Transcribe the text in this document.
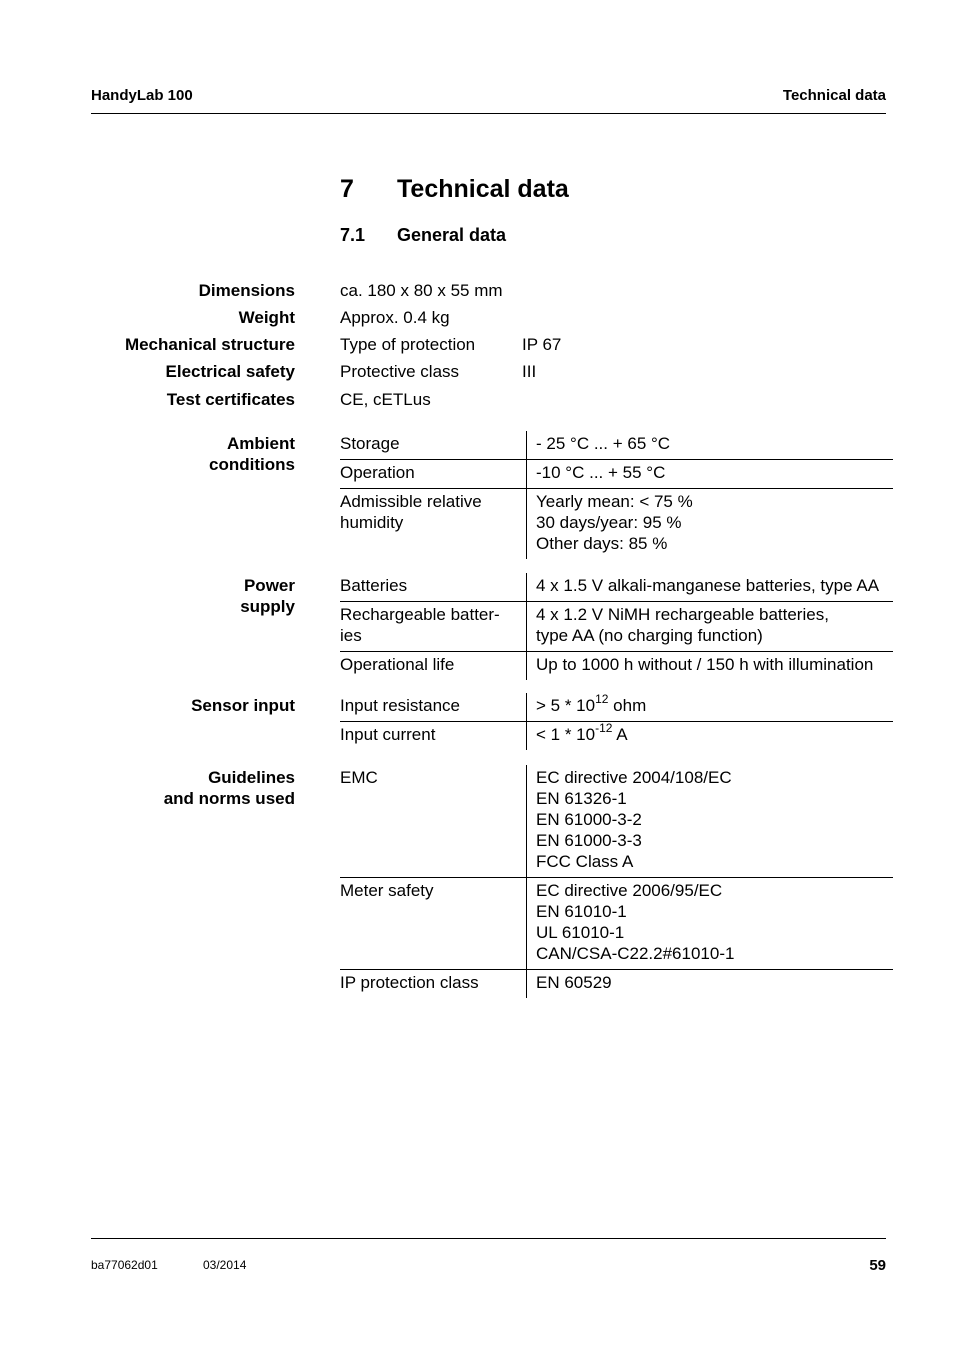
HandyLab 100	Technical data
7 Technical data
7.1 General data
Dimensions	ca. 180 x 80 x 55 mm
Weight	Approx. 0.4 kg
Mechanical structure	Type of protection	IP 67
Electrical safety	Protective class	III
Test certificates	CE, cETLus
Ambient
conditions
Storage	- 25 °C ... + 65 °C

Operation	-10 °C ... + 55 °C

Admissible relative
humidity	Yearly mean: < 75 %
30 days/year: 95 %
Other days: 85 %
Power
supply
Batteries	4 x 1.5 V alkali-manganese batteries, type AA

Rechargeable batter-
ies	4 x 1.2 V NiMH rechargeable batteries,
type AA (no charging function)

Operational life	Up to 1000 h without / 150 h with illumination
Sensor input	Input resistance	> $5 * 10^{12}$ ohm
Input current	< $1 * 10^{-12}$ A
Guidelines
and norms used
EMC	EC directive 2004/108/EC
EN 61326-1
EN 61000-3-2
EN 61000-3-3
FCC Class A

Meter safety	EC directive 2006/95/EC
EN 61010-1
UL 61010-1
CAN/CSA-C22.2#61010-1

IP protection class	EN 60529
ba77062d01	03/2014	59
